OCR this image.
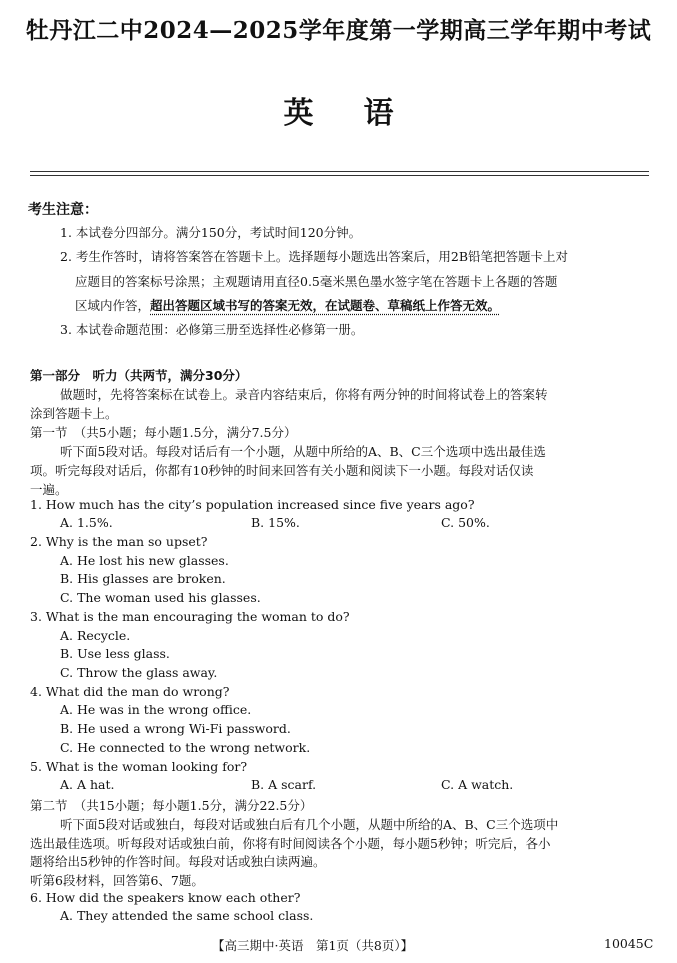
牡丹江二中2024—2025学年度第一学期高三学年期中考试
英语
考生注意：
1. 本试卷分四部分。满分150分，考试时间120分钟。
2. 考生作答时，请将答案答在答题卡上。选择题每小题选出答案后，用2B铅笔把答题卡上对
应题目的答案标号涂黑；主观题请用直径0.5毫米黑色墨水签字笔在答题卡上各题的答题
区域内作答，超出答题区域书写的答案无效，在试题卷、草稿纸上作答无效。
3. 本试卷命题范围：必修第三册至选择性必修第一册。
第一部分　听力（共两节，满分30分）
做题时，先将答案标在试卷上。录音内容结束后，你将有两分钟的时间将试卷上的答案转
涂到答题卡上。
第一节　（共5小题；每小题1.5分，满分7.5分）
听下面5段对话。每段对话后有一个小题，从题中所给的A、B、C三个选项中选出最佳选
项。听完每段对话后，你都有10秒钟的时间来回答有关小题和阅读下一小题。每段对话仅读
一遍。
1. How much has the city’s population increased since five years ago?
A. 1.5%.	B. 15%.	C. 50%.
2. Why is the man so upset?
A. He lost his new glasses.
B. His glasses are broken.
C. The woman used his glasses.
3. What is the man encouraging the woman to do?
A. Recycle.
B. Use less glass.
C. Throw the glass away.
4. What did the man do wrong?
A. He was in the wrong office.
B. He used a wrong Wi-Fi password.
C. He connected to the wrong network.
5. What is the woman looking for?
A. A hat.	B. A scarf.	C. A watch.
第二节　（共15小题；每小题1.5分，满分22.5分）
听下面5段对话或独白，每段对话或独白后有几个小题，从题中所给的A、B、C三个选项中
选出最佳选项。听每段对话或独白前，你将有时间阅读各个小题，每小题5秒钟；听完后，各小
题将给出5秒钟的作答时间。每段对话或独白读两遍。
听第6段材料，回答第6、7题。
6. How did the speakers know each other?
A. They attended the same school class.
【高三期中·英语　第1页（共8页）】	10045C
